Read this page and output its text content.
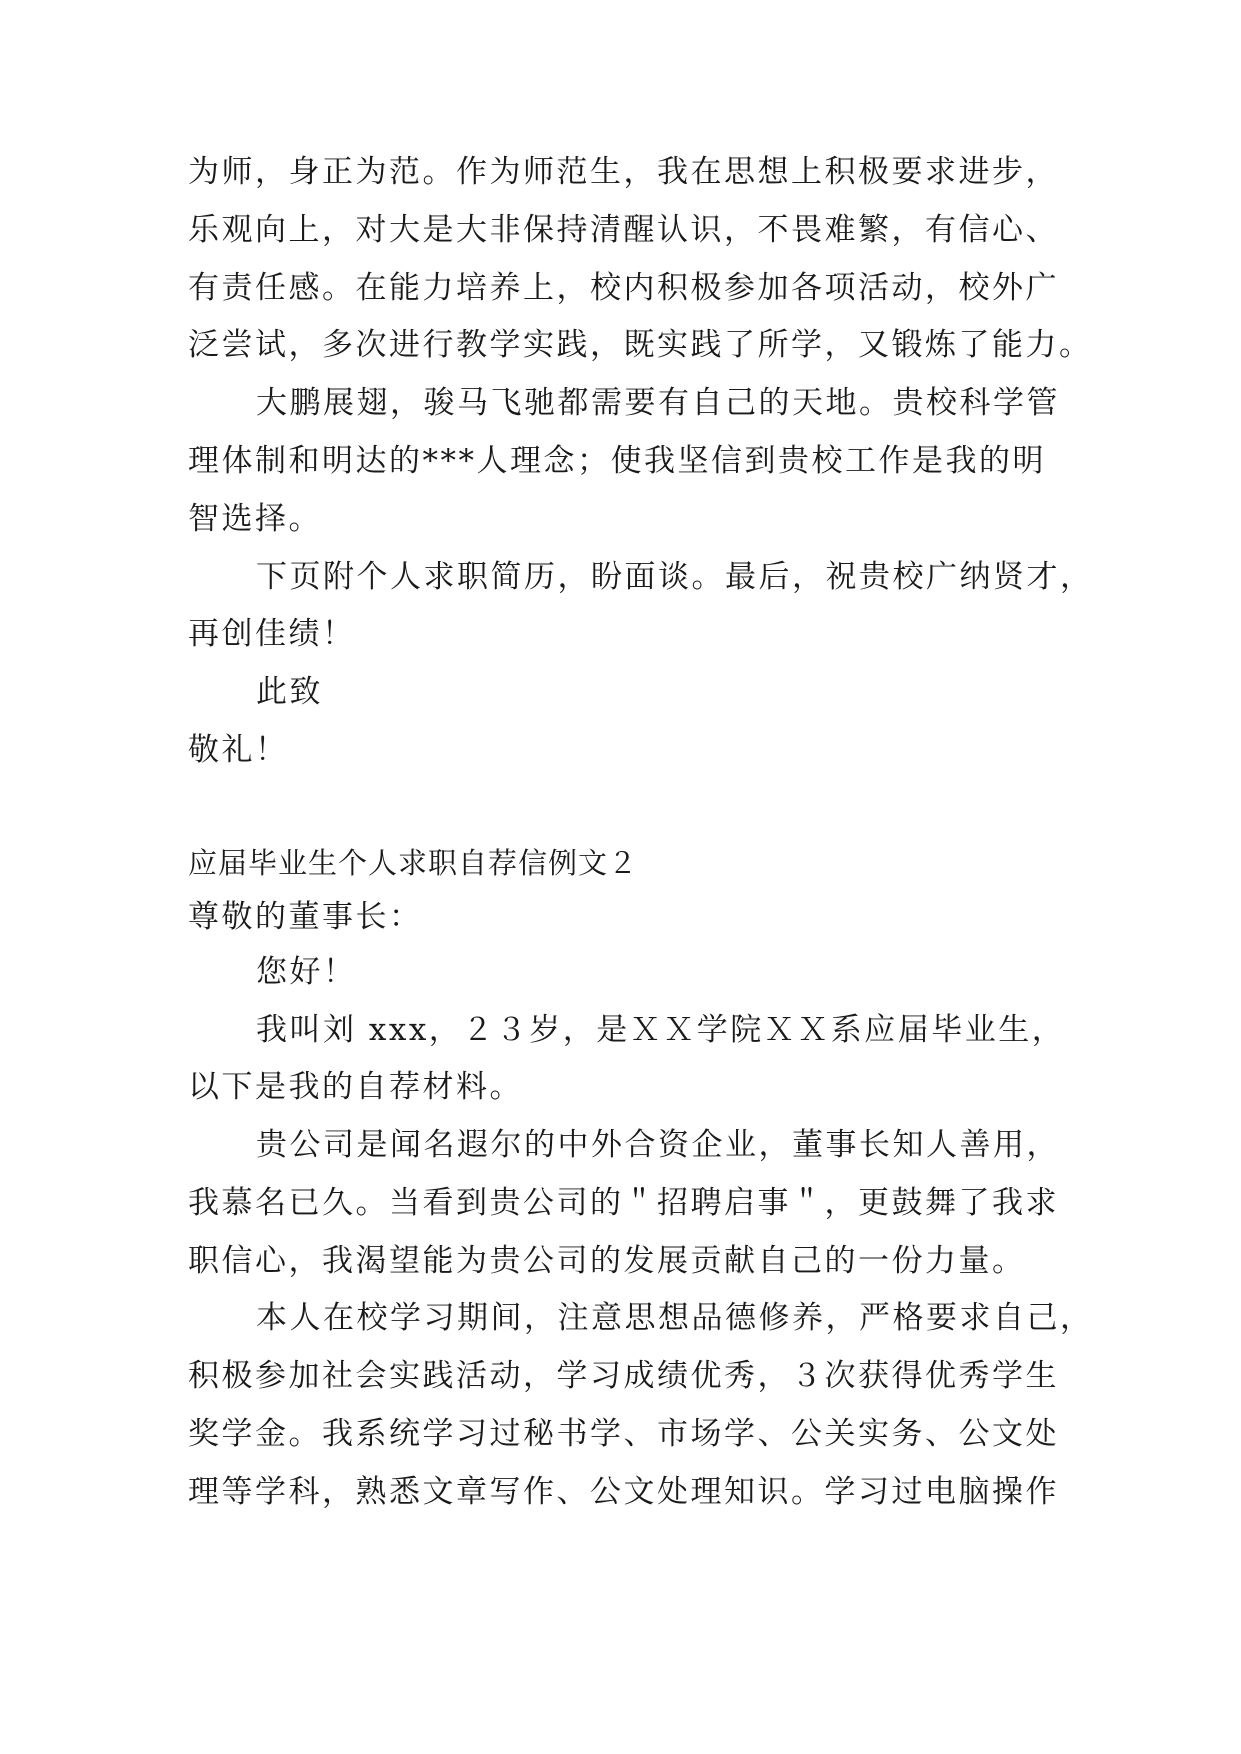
为师，身正为范。作为师范生，我在思想上积极要求进步，
乐观向上，对大是大非保持清醒认识，不畏难繁，有信心、
有责任感。在能力培养上，校内积极参加各项活动，校外广
泛尝试，多次进行教学实践，既实践了所学，又锻炼了能力。
大鹏展翅，骏马飞驰都需要有自己的天地。贵校科学管
理体制和明达的***人理念；使我坚信到贵校工作是我的明
智选择。
下页附个人求职简历，盼面谈。最后，祝贵校广纳贤才，
再创佳绩！
此致
敬礼！
应届毕业生个人求职自荐信例文２
尊敬的董事长：
您好！
我叫刘 xxx，２３岁，是ＸＸ学院ＸＸ系应届毕业生，
以下是我的自荐材料。
贵公司是闻名遐尔的中外合资企业，董事长知人善用，
我慕名已久。当看到贵公司的＂招聘启事＂，更鼓舞了我求
职信心，我渴望能为贵公司的发展贡献自己的一份力量。
本人在校学习期间，注意思想品德修养，严格要求自己，
积极参加社会实践活动，学习成绩优秀，３次获得优秀学生
奖学金。我系统学习过秘书学、市场学、公关实务、公文处
理等学科，熟悉文章写作、公文处理知识。学习过电脑操作
